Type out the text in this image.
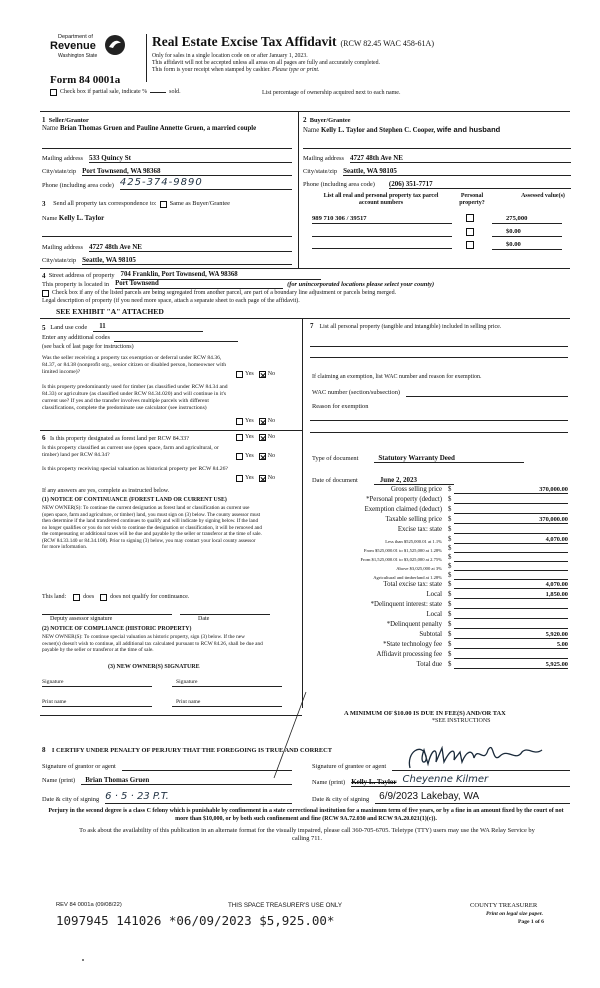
Department of
Revenue
Washington State
Form 84 0001a
Check box if partial sale, indicate %	sold.	List percentage of ownership acquired next to each name.
Real Estate Excise Tax Affidavit (RCW 82.45 WAC 458-61A)
Only for sales in a single location code on or after January 1, 2023.
This affidavit will not be accepted unless all areas on all pages are fully and accurately completed.
This form is your receipt when stamped by cashier. Please type or print.
1 Seller/Grantor
Name Brian Thomas Gruen and Pauline Annette Gruen, a married couple
Mailing address 533 Quincy St
City/state/zip Port Townsend, WA 98368
Phone (including area code) 425-374-9890
2 Buyer/Grantee
Name Kelly L. Taylor and Stephen C. Cooper, wife and husband
Mailing address 4727 48th Ave NE
City/state/zip Seattle, WA 98105
Phone (including area code) (206) 351-7717
3
Send all property tax correspondence to: Same as Buyer/Grantee
Name Kelly L. Taylor
Mailing address 4727 48th Ave NE
City/state/zip Seattle, WA 98105
List all real and personal property tax parcel account numbers
Personal property?
Assessed value(s)
989 710 306 / 39517	275,000
$0.00
$0.00
4
Street address of property 704 Franklin, Port Townsend, WA 98368
This property is located in Port Townsend	(for unincorporated locations please select your county)
Check box if any of the listed parcels are being segregated from another parcel, are part of a boundary line adjustment or parcels being merged.
Legal description of property (if you need more space, attach a separate sheet to each page of the affidavit).
SEE EXHIBIT "A" ATTACHED
5
Land use code	11
Enter any additional codes
(see back of last page for instructions)
Was the seller receiving a property tax exemption or deferral under RCW 84.36, 84.37, or 84.38 (nonprofit org., senior citizen or disabled person, homeowner with limited income)?	Yes No
Is this property predominantly used for timber (as classified under RCW 84.34 and 84.33) or agriculture (as classified under RCW 84.34.020) and will continue in it's current use? If yes and the transfer involves multiple parcels with different classifications, complete the predominate use calculator (see instructions)
Yes No
6 Is this property designated as forest land per RCW 84.33?	Yes No
Is this property classified as current use (open space, farm and agricultural, or timber) land per RCW 84.34?	Yes No
Is this property receiving special valuation as historical property per RCW 84.26?
Yes No
If any answers are yes, complete as instructed below.
(1) NOTICE OF CONTINUANCE (FOREST LAND OR CURRENT USE)
NEW OWNER(S): To continue the current designation as forest land or classification as current use (open space, farm and agriculture, or timber) land, you must sign on (3) below. The county assessor must then determine if the land transferred continues to qualify and will indicate by signing below. If the land no longer qualifies or you do not wish to continue the designation or classification, it will be removed and the compensating or additional taxes will be due and payable by the seller or transferor at the time of sale. (RCW 84.33.140 or 84.34.108). Prior to signing (3) below, you may contact your local county assessor for more information.
This land:	does	does not qualify for continuance.
Deputy assessor signature	Date
(2) NOTICE OF COMPLIANCE (HISTORIC PROPERTY)
NEW OWNER(S): To continue special valuation as historic property, sign (3) below. If the new owner(s) doesn't wish to continue, all additional tax calculated pursuant to RCW 84.26, shall be due and payable by the seller or transferor at the time of sale.
(3) NEW OWNER(S) SIGNATURE
Signature	Signature
Print name	Print name
7 List all personal property (tangible and intangible) included in selling price.
If claiming an exemption, list WAC number and reason for exemption.
WAC number (section/subsection)
Reason for exemption
Type of document	Statutory Warranty Deed
Date of document	June 2, 2023
Gross selling price $	370,000.00
*Personal property (deduct) $
Exemption claimed (deduct) $
Taxable selling price $	370,000.00
Excise tax: state $
Less than $525,000.01 at 1.1% $	4,070.00
From $525,000.01 to $1,525,000 at 1.28% $
From $1,525,000.01 to $3,025,000 at 2.75% $
Above $3,025,000 at 3% $
Agricultural and timberland at 1.28% $
Total excise tax: state $	4,070.00
Local $	1,850.00
*Delinquent interest: state $
Local $
*Delinquent penalty $
Subtotal $	5,920.00
*State technology fee $	5.00
Affidavit processing fee $
Total due $	5,925.00
A MINIMUM OF $10.00 IS DUE IN FEE(S) AND/OR TAX
*SEE INSTRUCTIONS
8 I CERTIFY UNDER PENALTY OF PERJURY THAT THE FOREGOING IS TRUE AND CORRECT
Signature of grantor or agent	Signature of grantee or agent
Name (print)	Brian Thomas Gruen	Name (print) Kelly L. Taylor Cheyenne Kilmer
Date & city of signing 6 · 5 · 23 P.T.	Date & city of signing	6/9/2023 Lakebay, WA
Perjury in the second degree is a class C felony which is punishable by confinement in a state correctional institution for a maximum term of five years, or by a fine in an amount fixed by the court of not more than $10,000, or by both such confinement and fine (RCW 9A.72.030 and RCW 9A.20.021(1)(c)).
To ask about the availability of this publication in an alternate format for the visually impaired, please call 360-705-6705. Teletype (TTY) users may use the WA Relay Service by calling 711.
REV 84 0001a (09/08/22)	THIS SPACE TREASURER'S USE ONLY	COUNTY TREASURER
Print on legal size paper.
Page 1 of 6
1097945 141026 *06/09/2023 $5,925.00*
